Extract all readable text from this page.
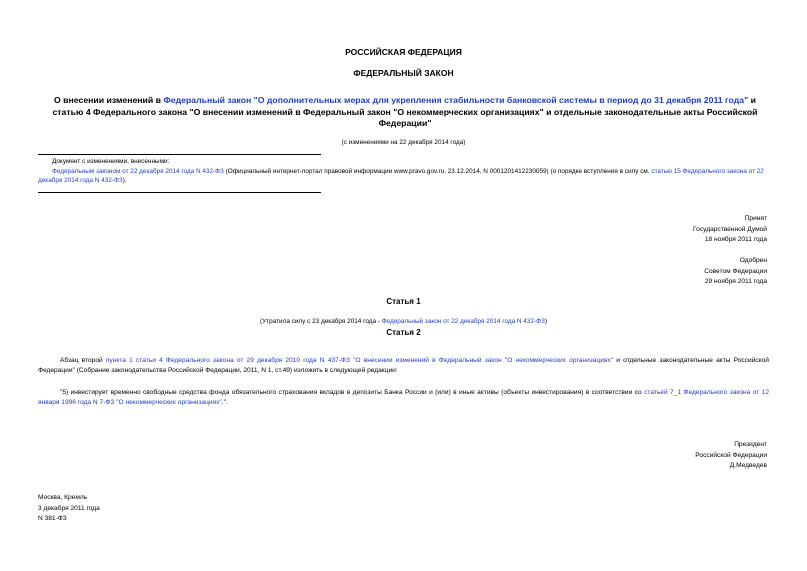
РОССИЙСКАЯ ФЕДЕРАЦИЯ
ФЕДЕРАЛЬНЫЙ ЗАКОН
О внесении изменений в Федеральный закон "О дополнительных мерах для укрепления стабильности банковской системы в период до 31 декабря 2011 года" и статью 4 Федерального закона "О внесении изменений в Федеральный закон "О некоммерческих организациях" и отдельные законодательные акты Российской Федерации"
(с изменениями на 22 декабря 2014 года)
Документ с изменениями, внесенными:
Федеральным законом от 22 декабря 2014 года N 432-ФЗ (Официальный интернет-портал правовой информации www.pravo.gov.ru, 23.12.2014, N 0001201412230059) (о порядке вступления в силу см. статью 15 Федерального закона от 22 декабря 2014 года N 432-ФЗ).
Принят
Государственной Думой
18 ноября 2011 года
Одобрен
Советом Федерации
29 ноября 2011 года
Статья 1
(Утратила силу с 23 декабря 2014 года - Федеральный закон от 22 декабря 2014 года N 432-ФЗ)
Статья 2
Абзац второй пункта 1 статьи 4 Федерального закона от 29 декабря 2010 года N 437-ФЗ "О внесении изменений в Федеральный закон "О некоммерческих организациях" и отдельные законодательные акты Российской Федерации" (Собрание законодательства Российской Федерации, 2011, N 1, ст.49) изложить в следующей редакции:
"5) инвестирует временно свободные средства фонда обязательного страхования вкладов в депозиты Банка России и (или) в иные активы (объекты инвестирования) в соответствии со статьей 7_1 Федерального закона от 12 января 1996 года N 7-ФЗ "О некоммерческих организациях".".
Президент
Российской Федерации
Д.Медведев
Москва, Кремль
3 декабря 2011 года
N 381-ФЗ
